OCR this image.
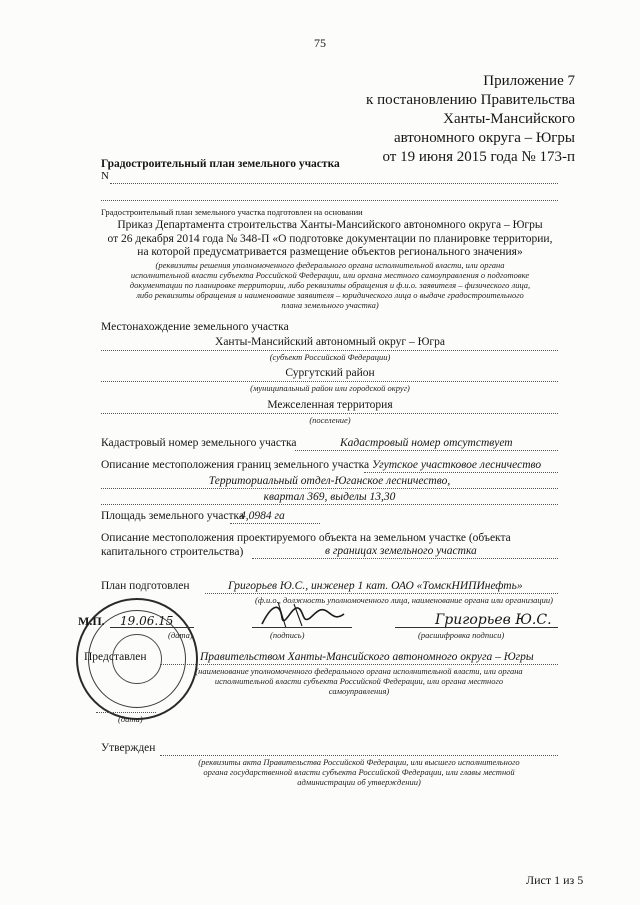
75
Приложение 7
к постановлению Правительства
Ханты-Мансийского
автономного округа – Югры
от 19 июня 2015 года № 173-п
Градостроительный план земельного участка
N
Градостроительный план земельного участка подготовлен на основании
Приказ Департамента строительства Ханты-Мансийского автономного округа – Югры
от 26 декабря 2014 года № 348-П «О подготовке документации по планировке территории,
на которой предусматривается размещение объектов регионального значения»
(реквизиты решения уполномоченного федерального органа исполнительной власти, или органа
исполнительной власти субъекта Российской Федерации, или органа местного самоуправления о подготовке
документации по планировке территории, либо реквизиты обращения и ф.и.о. заявителя – физического лица,
либо реквизиты обращения и наименование заявителя – юридического лица о выдаче градостроительного
плана земельного участка)
Местонахождение земельного участка
Ханты-Мансийский автономный округ – Югра
(субъект Российской Федерации)
Сургутский район
(муниципальный район или городской округ)
Межселенная территория
(поселение)
Кадастровый номер земельного участка	Кадастровый номер отсутствует
Описание местоположения границ земельного участка Угутское участковое лесничество
Территориальный отдел-Юганское лесничество,
квартал 369, выделы 13,30
Площадь земельного участка
4,0984 га
Описание местоположения проектируемого объекта на земельном участке (объекта
капитального строительства)	в границах земельного участка
План подготовлен	Григорьев Ю.С., инженер 1 кат. ОАО «ТомскНИПИнефть»
(ф.и.о., должность уполномоченного лица, наименование органа или организации)
М.П. 19.06.15
(дата)	(подпись)
Григорьев Ю.С.
(расшифровка подписи)
Представлен	Правительством Ханты-Мансийского автономного округа – Югры
(наименование уполномоченного федерального органа исполнительной власти, или органа
исполнительной власти субъекта Российской Федерации, или органа местного
самоуправления)
(дата)
Утвержден
(реквизиты акта Правительства Российской Федерации, или высшего исполнительного
органа государственной власти субъекта Российской Федерации, или главы местной
администрации об утверждении)
Лист 1 из 5
